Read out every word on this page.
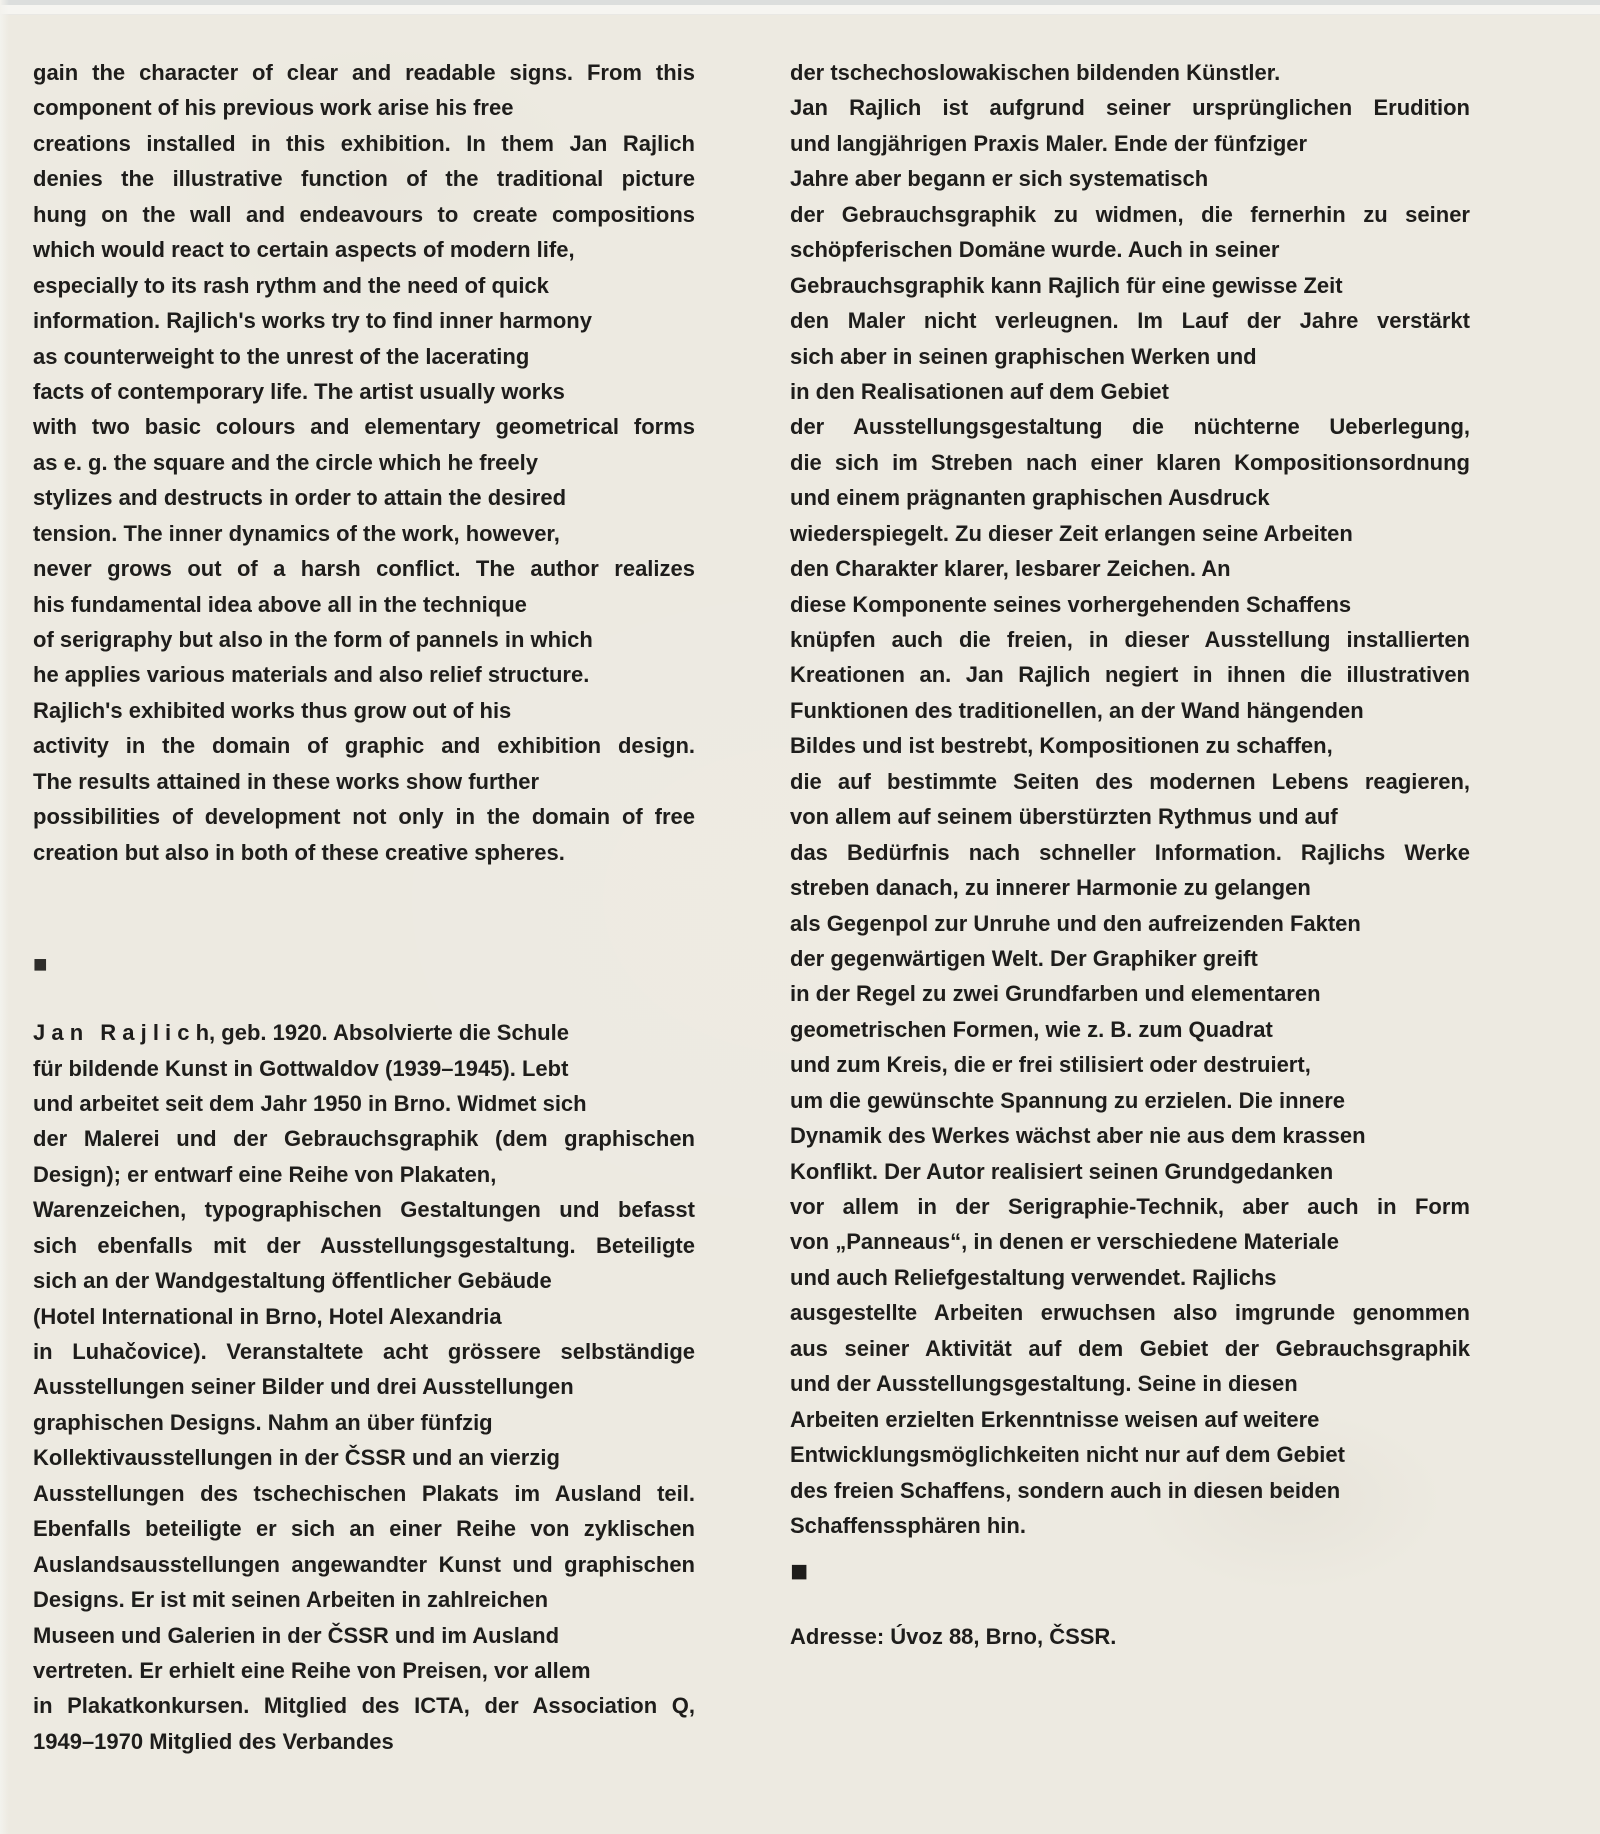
gain the character of clear and readable signs. From this
component of his previous work arise his free
creations installed in this exhibition. In them Jan Rajlich
denies the illustrative function of the traditional picture
hung on the wall and endeavours to create compositions
which would react to certain aspects of modern life,
especially to its rash rythm and the need of quick
information. Rajlich's works try to find inner harmony
as counterweight to the unrest of the lacerating
facts of contemporary life. The artist usually works
with two basic colours and elementary geometrical forms
as e. g. the square and the circle which he freely
stylizes and destructs in order to attain the desired
tension. The inner dynamics of the work, however,
never grows out of a harsh conflict. The author realizes
his fundamental idea above all in the technique
of serigraphy but also in the form of pannels in which
he applies various materials and also relief structure.
Rajlich's exhibited works thus grow out of his
activity in the domain of graphic and exhibition design.
The results attained in these works show further
possibilities of development not only in the domain of free
creation but also in both of these creative spheres.
■
J a n  R a j l i c h, geb. 1920. Absolvierte die Schule
für bildende Kunst in Gottwaldov (1939–1945). Lebt
und arbeitet seit dem Jahr 1950 in Brno. Widmet sich
der Malerei und der Gebrauchsgraphik (dem graphischen
Design); er entwarf eine Reihe von Plakaten,
Warenzeichen, typographischen Gestaltungen und befasst
sich ebenfalls mit der Ausstellungsgestaltung. Beteiligte
sich an der Wandgestaltung öffentlicher Gebäude
(Hotel International in Brno, Hotel Alexandria
in Luhačovice). Veranstaltete acht grössere selbständige
Ausstellungen seiner Bilder und drei Ausstellungen
graphischen Designs. Nahm an über fünfzig
Kollektivausstellungen in der ČSSR und an vierzig
Ausstellungen des tschechischen Plakats im Ausland teil.
Ebenfalls beteiligte er sich an einer Reihe von zyklischen
Auslandsausstellungen angewandter Kunst und graphischen
Designs. Er ist mit seinen Arbeiten in zahlreichen
Museen und Galerien in der ČSSR und im Ausland
vertreten. Er erhielt eine Reihe von Preisen, vor allem
in Plakatkonkursen. Mitglied des ICTA, der Association Q,
1949–1970 Mitglied des Verbandes
der tschechoslowakischen bildenden Künstler.
Jan Rajlich ist aufgrund seiner ursprünglichen Erudition
und langjährigen Praxis Maler. Ende der fünfziger
Jahre aber begann er sich systematisch
der Gebrauchsgraphik zu widmen, die fernerhin zu seiner
schöpferischen Domäne wurde. Auch in seiner
Gebrauchsgraphik kann Rajlich für eine gewisse Zeit
den Maler nicht verleugnen. Im Lauf der Jahre verstärkt
sich aber in seinen graphischen Werken und
in den Realisationen auf dem Gebiet
der Ausstellungsgestaltung die nüchterne Ueberlegung,
die sich im Streben nach einer klaren Kompositionsordnung
und einem prägnanten graphischen Ausdruck
wiederspiegelt. Zu dieser Zeit erlangen seine Arbeiten
den Charakter klarer, lesbarer Zeichen. An
diese Komponente seines vorhergehenden Schaffens
knüpfen auch die freien, in dieser Ausstellung installierten
Kreationen an. Jan Rajlich negiert in ihnen die illustrativen
Funktionen des traditionellen, an der Wand hängenden
Bildes und ist bestrebt, Kompositionen zu schaffen,
die auf bestimmte Seiten des modernen Lebens reagieren,
von allem auf seinem überstürzten Rythmus und auf
das Bedürfnis nach schneller Information. Rajlichs Werke
streben danach, zu innerer Harmonie zu gelangen
als Gegenpol zur Unruhe und den aufreizenden Fakten
der gegenwärtigen Welt. Der Graphiker greift
in der Regel zu zwei Grundfarben und elementaren
geometrischen Formen, wie z. B. zum Quadrat
und zum Kreis, die er frei stilisiert oder destruiert,
um die gewünschte Spannung zu erzielen. Die innere
Dynamik des Werkes wächst aber nie aus dem krassen
Konflikt. Der Autor realisiert seinen Grundgedanken
vor allem in der Serigraphie-Technik, aber auch in Form
von „Panneaus“, in denen er verschiedene Materiale
und auch Reliefgestaltung verwendet. Rajlichs
ausgestellte Arbeiten erwuchsen also imgrunde genommen
aus seiner Aktivität auf dem Gebiet der Gebrauchsgraphik
und der Ausstellungsgestaltung. Seine in diesen
Arbeiten erzielten Erkenntnisse weisen auf weitere
Entwicklungsmöglichkeiten nicht nur auf dem Gebiet
des freien Schaffens, sondern auch in diesen beiden
Schaffenssphären hin.
■
Adresse: Úvoz 88, Brno, ČSSR.
